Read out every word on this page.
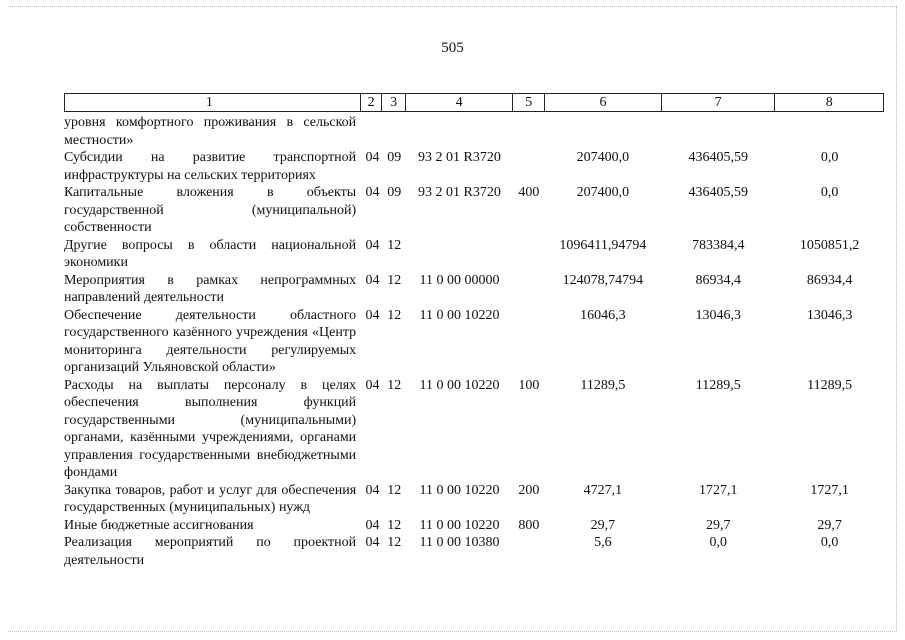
505
1	2	3	4	5	6	7	8
уровня комфортного проживания в сельской местности»							
Субсидии на развитие транспортной инфраструктуры на сельских территориях	04	09	93 2 01 R3720		207400,0	436405,59	0,0
Капитальные вложения в объекты государственной (муниципальной) собственности	04	09	93 2 01 R3720	400	207400,0	436405,59	0,0
Другие вопросы в области национальной экономики	04	12			1096411,94794	783384,4	1050851,2
Мероприятия в рамках непрограммных направлений деятельности	04	12	11 0 00 00000		124078,74794	86934,4	86934,4
Обеспечение деятельности областного государственного казённого учреждения «Центр мониторинга деятельности регулируемых организаций Ульяновской области»	04	12	11 0 00 10220		16046,3	13046,3	13046,3
Расходы на выплаты персоналу в целях обеспечения выполнения функций государственными (муниципальными) органами, казёнными учреждениями, органами управления государственными внебюджетными фондами	04	12	11 0 00 10220	100	11289,5	11289,5	11289,5
Закупка товаров, работ и услуг для обеспечения государственных (муниципальных) нужд	04	12	11 0 00 10220	200	4727,1	1727,1	1727,1
Иные бюджетные ассигнования	04	12	11 0 00 10220	800	29,7	29,7	29,7
Реализация мероприятий по проектной деятельности	04	12	11 0 00 10380		5,6	0,0	0,0
